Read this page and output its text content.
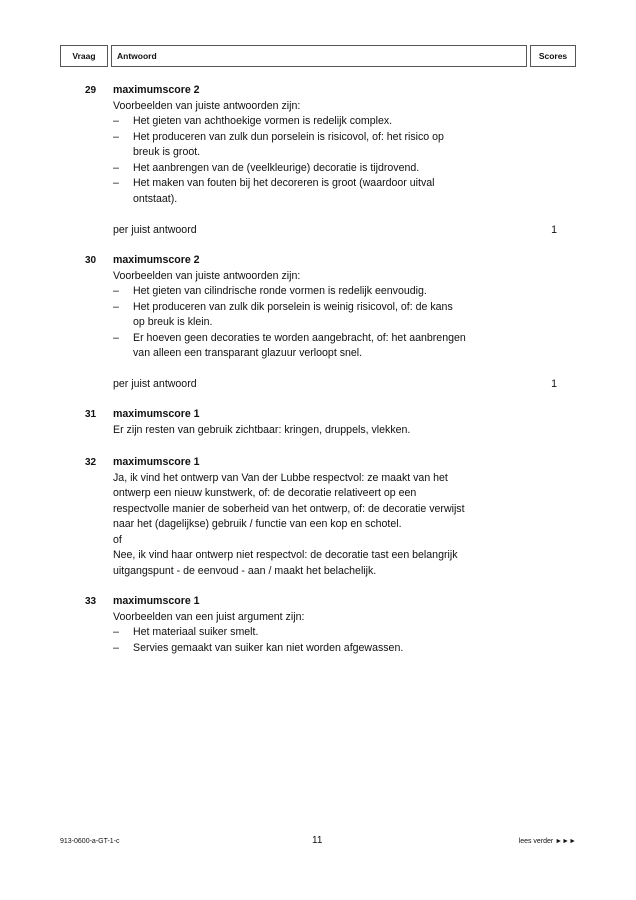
Vraag	Antwoord	Scores
29 maximumscore 2
Voorbeelden van juiste antwoorden zijn:
– Het gieten van achthoekige vormen is redelijk complex.
– Het produceren van zulk dun porselein is risicovol, of: het risico op
breuk is groot.
– Het aanbrengen van de (veelkleurige) decoratie is tijdrovend.
– Het maken van fouten bij het decoreren is groot (waardoor uitval
ontstaat).
per juist antwoord	1
30 maximumscore 2
Voorbeelden van juiste antwoorden zijn:
– Het gieten van cilindrische ronde vormen is redelijk eenvoudig.
– Het produceren van zulk dik porselein is weinig risicovol, of: de kans
op breuk is klein.
– Er hoeven geen decoraties te worden aangebracht, of: het aanbrengen
van alleen een transparant glazuur verloopt snel.
per juist antwoord	1
31 maximumscore 1
Er zijn resten van gebruik zichtbaar: kringen, druppels, vlekken.
32 maximumscore 1
Ja, ik vind het ontwerp van Van der Lubbe respectvol: ze maakt van het
ontwerp een nieuw kunstwerk, of: de decoratie relativeert op een
respectvolle manier de soberheid van het ontwerp, of: de decoratie verwijst
naar het (dagelijkse) gebruik / functie van een kop en schotel.
of
Nee, ik vind haar ontwerp niet respectvol: de decoratie tast een belangrijk
uitgangspunt - de eenvoud - aan / maakt het belachelijk.
33 maximumscore 1
Voorbeelden van een juist argument zijn:
– Het materiaal suiker smelt.
– Servies gemaakt van suiker kan niet worden afgewassen.
913-0600-a-GT-1-c	11	lees verder ►►►
